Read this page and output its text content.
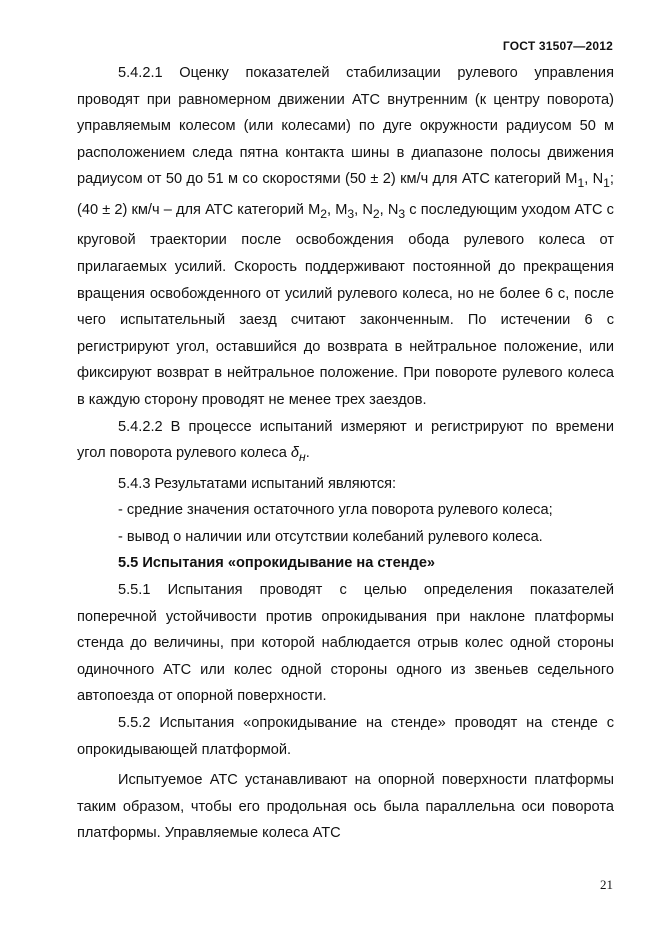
ГОСТ 31507—2012

5.4.2.1 Оценку показателей стабилизации рулевого управления проводят при равномерном движении АТС внутренним (к центру поворота) управляемым колесом (или колесами) по дуге окружности радиусом 50 м расположением следа пятна контакта шины в диапазоне полосы движения радиусом от 50 до 51 м со скоростями (50 ± 2) км/ч для АТС категорий $M_1$, $N_1$; (40 ± 2) км/ч – для АТС категорий $M_2$, $M_3$, $N_2$, $N_3$ с последующим уходом АТС с круговой траектории после освобождения обода рулевого колеса от прилагаемых усилий. Скорость поддерживают постоянной до прекращения вращения освобожденного от усилий рулевого колеса, но не более 6 с, после чего испытательный заезд считают законченным. По истечении 6 с регистрируют угол, оставшийся до возврата в нейтральное положение, или фиксируют возврат в нейтральное положение. При повороте рулевого колеса в каждую сторону проводят не менее трех заездов.

5.4.2.2 В процессе испытаний измеряют и регистрируют по времени угол поворота рулевого колеса $\delta_н$.

5.4.3 Результатами испытаний являются:

- средние значения остаточного угла поворота рулевого колеса;

- вывод о наличии или отсутствии колебаний рулевого колеса.

5.5 Испытания «опрокидывание на стенде»

5.5.1 Испытания проводят с целью определения показателей поперечной устойчивости против опрокидывания при наклоне платформы стенда до величины, при которой наблюдается отрыв колес одной стороны одиночного АТС или колес одной стороны одного из звеньев седельного автопоезда от опорной поверхности.

5.5.2 Испытания «опрокидывание на стенде» проводят на стенде с опрокидывающей платформой.

Испытуемое АТС устанавливают на опорной поверхности платформы таким образом, чтобы его продольная ось была параллельна оси поворота платформы. Управляемые колеса АТС

21
